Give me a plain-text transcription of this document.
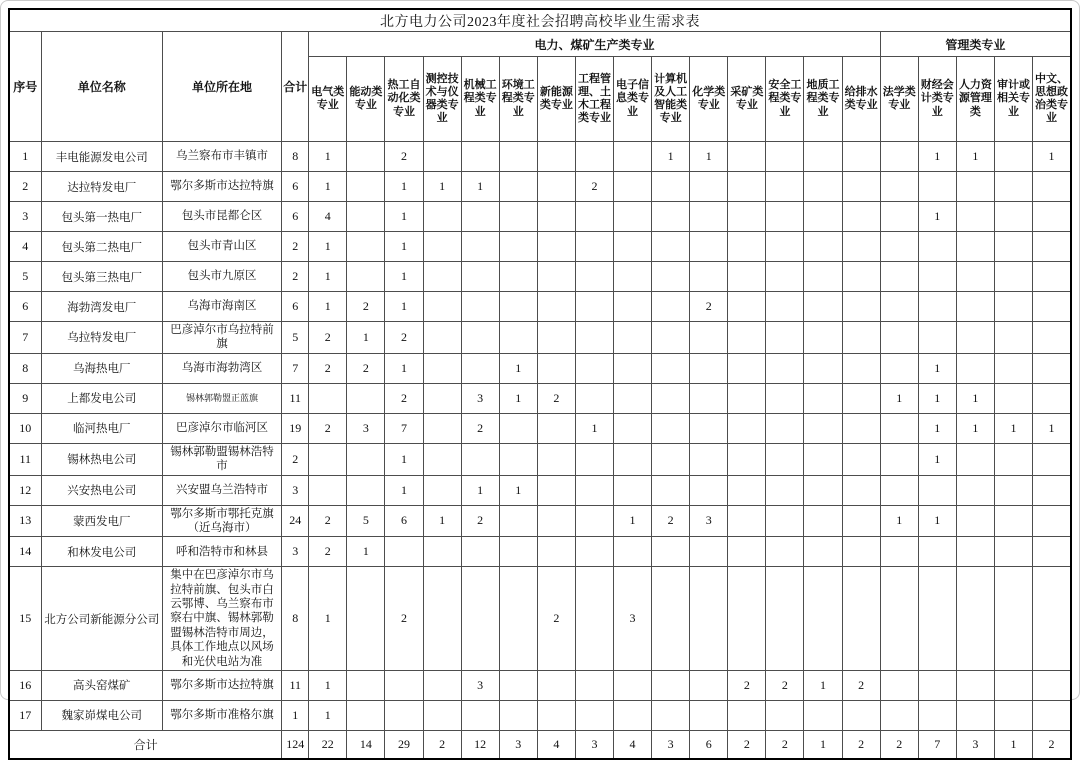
北方电力公司2023年度社会招聘高校毕业生需求表																							
序号	单位名称	单位所在地	合计	电力、煤矿生产类专业															管理类专业				
				电气类专业	能动类专业	热工自动化类专业	测控技术与仪器类专业	机械工程类专业	环境工程类专业	新能源类专业	工程管理、土木工程类专业	电子信息类专业	计算机及人工智能类专业	化学类专业	采矿类专业	安全工程类专业	地质工程类专业	给排水类专业	法学类专业	财经会计类专业	人力资源管理类	审计或相关专业	中文、思想政治类专业
1	丰电能源发电公司	乌兰察布市丰镇市	8	1		2							1	1						1	1		1
2	达拉特发电厂	鄂尔多斯市达拉特旗	6	1		1	1	1			2												
3	包头第一热电厂	包头市昆都仑区	6	4		1														1			
4	包头第二热电厂	包头市青山区	2	1		1																	
5	包头第三热电厂	包头市九原区	2	1		1																	
6	海勃湾发电厂	乌海市海南区	6	1	2	1								2									
7	乌拉特发电厂	巴彦淖尔市乌拉特前旗	5	2	1	2																	
8	乌海热电厂	乌海市海勃湾区	7	2	2	1			1											1			
9	上都发电公司	锡林郭勒盟正蓝旗	11			2		3	1	2									1	1	1		
10	临河热电厂	巴彦淖尔市临河区	19	2	3	7		2			1									1	1	1	1
11	锡林热电公司	锡林郭勒盟锡林浩特市	2			1														1			
12	兴安热电公司	兴安盟乌兰浩特市	3			1		1	1														
13	蒙西发电厂	鄂尔多斯市鄂托克旗（近乌海市）	24	2	5	6	1	2				1	2	3					1	1			
14	和林发电公司	呼和浩特市和林县	3	2	1																		
15	北方公司新能源分公司	集中在巴彦淖尔市乌拉特前旗、包头市白云鄂博、乌兰察布市察右中旗、锡林郭勒盟锡林浩特市周边，具体工作地点以风场和光伏电站为准	8	1		2				2		3											
16	高头窑煤矿	鄂尔多斯市达拉特旗	11	1				3							2	2	1	2					
17	魏家峁煤电公司	鄂尔多斯市准格尔旗	1	1																			
合计			124	22	14	29	2	12	3	4	3	4	3	6	2	2	1	2	2	7	3	1	2
